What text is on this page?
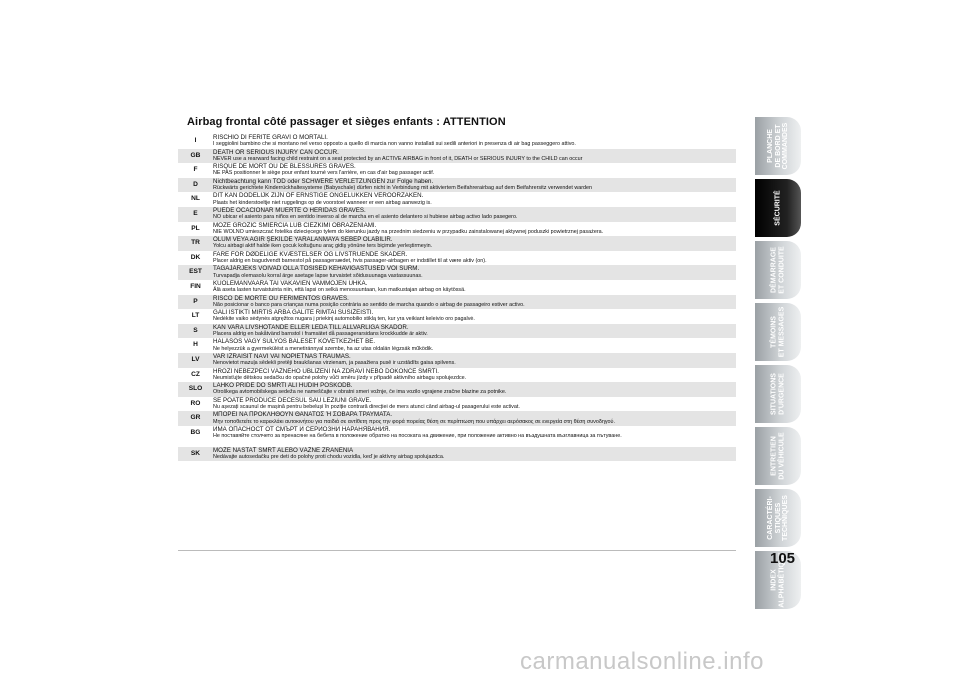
Airbag frontal côté passager et sièges enfants : ATTENTION
I	RISCHIO DI FERITE GRAVI O MORTALI.
I seggiolini bambino che si montano nel verso opposto a quello di marcia non vanno installati sui sedili anteriori in presenza di air bag passeggero attivo.

GB	DEATH OR SERIOUS INJURY CAN OCCUR.
NEVER use a rearward facing child restraint on a seat protected by an ACTIVE AIRBAG in front of it, DEATH or SERIOUS INJURY to the CHILD can occur

F	RISQUE DE MORT OU DE BLESSURES GRAVES.
NE PAS positionner le siège pour enfant tourné vers l'arrière, en cas d'air bag passager actif.

D	Nichtbeachtung kann TOD oder SCHWERE VERLETZUNGEN zur Folge haben.
Rückwärts gerichtete Kinderrückhaltesysteme (Babyschale) dürfen nicht in Verbindung mit aktiviertem Beifahrerairbag auf dem Beifahrersitz verwendet warden

NL	DIT KAN DODELIJK ZIJN OF ERNSTIGE ONGELUKKEN VEROORZAKEN.
Plaats het kinderstoeltje niet ruggelings op de voorstoel wanneer er een airbag aanwezig is.

E	PUEDE OCACIONAR MUERTE O HERIDAS GRAVES.
NO ubicar el asiento para niños en sentido inverso al de marcha en el asiento delantero si hubiese airbag activo lado pasegero.

PL	MOŻE GROZIĆ ŚMIERCIA LUB CIEŻKIMI OBRAŻENIAMI.
NIE WOLNO umieszczać fotelika dziecięcego tyłem do kierunku jazdy na przednim siedzeniu w przypadku zainstalowanej aktywnej poduszki powietrznej pasażera.

TR	ÖLÜM VEYA AĞIR ŞEKİLDE YARALANMAYA SEBEP OLABİLİR.
Yolcu airbagi aktif halde iken çocuk koltuğunu araç gidiş yönüne ters biçimde yerleştirmeyin.

DK	FARE FOR DØDELIGE KVÆSTELSER OG LIVSTRUENDE SKADER.
Placer aldrig en bagudvendt barnestol på passagersædet, hvis passager-airbagen er indstillet til at være aktiv (on).

EST	TAGAJÄRJEKS VÕIVAD OLLA TÕSISED KEHAVIGASTUSED VÕI SURM.
Turvapadja olemasolu korral ärge asetage lapse turvaistet sõidusuunaga vastassuunas.

FIN	KUOLEMANVAARA TAI VAKAVIEN VAMMOJEN UHKA.
Älä aseta lasten turvaistuinta niin, että lapsi on selkä menosuuntaan, kun matkustajan airbag on käytössä.

P	RISCO DE MORTE OU FERIMENTOS GRAVES.
Não posicionar o banco para crianças numa posição contrária ao sentido de marcha quando o airbag de passageiro estiver activo.

LT	GALI IŠTIKTI MIRTIS ARBA GALITE RIMTAI SUSIŽEISTI.
Nedėkite vaiko sėdynės atgręžtos nugara į priekinį automobilio stiklą ten, kur yra veikiant keleivio oro pagalvė.

S	KAN VARA LIVSHOTANDE ELLER LEDA TILL ALLVARLIGA SKADOR.
Placera aldrig en bakåtvänd barnstol i framsätet då passagerarsidans krockkudde är aktiv.

H	HALÁSOS VAGY SÚLYOS BALESET KÖVETKEZHET BE.
Ne helyezzük a gyermekülést a menetiránnyal szembe, ha az utas oldalán légzsák működik.

LV	VAR IZRAISĪT NĀVI VAI NOPIETNAS TRAUMAS.
Nenovietot mazuļa sēdekli pretēji braukšanas virzienam, ja pasažiera pusē ir uzstādīts gaisa spilvens.

CZ	HROZÍ NEBEZPEČÍ VÁŽNÉHO UBLÍŽENÍ NA ZDRAVÍ NEBO DOKONCE SMRTI.
Neumisťujte dětskou sedačku do opačné polohy vůči směru jízdy v případě aktivního airbagu spolujezdce.

SLO	LAHKO PRIDE DO SMRTI ALI HUDIH POŠKODB.
Otroškega avtomobilskega sedeža ne nameščajte v obratni smeri vožnje, če ima vozilo vgrajene zračne blazine za potnike.

RO	SE POATE PRODUCE DECESUL SAU LEZIUNI GRAVE.
Nu așezați scaunul de mașină pentru bebeluși în poziție contrară direcției de mers atunci când airbag-ul pasagerului este activat.

GR	ΜΠΟΡΕΙ ΝΑ ΠΡΟΚΛΗΘΟΥΝ ΘΑΝΑΤΟΣ Ή ΣΟΒΑΡΑ ΤΡΑΥΜΑΤΑ.
Μην τοποθετείτε το καρεκλάκι αυτοκινήτου για παιδιά σε αντίθετη προς την φορά πορείας θέση σε περίπτωση που υπάρχει αερόσακος σε ενεργεία στη θέση συνοδηγού.

BG	ИМА ОПАСНОСТ ОТ СМЪРТ И СЕРИОЗНИ НАРАНЯВАНИЯ.
Не поставяйте столчето за пренасяне на бебета в положение обратно на посоката на движение, при положение активно на въздушната възглавница за пътуване.

SK	MÔŽE NASTAŤ SMRŤ ALEBO VÁŽNE ZRANENIA
Nedávajte autosedačku pre deti do polohy proti chodu vozidla, keď je aktívny airbag spolujazdca.
PLANCHE
DE BORD ET
COMMANDES
SÉCURITÉ
DÉMARRAGE
ET CONDUITE
TÉMOINS
ET MESSAGES
SITUATIONS
D'URGENCE
ENTRETIEN
DU VÉHICULE
CARACTÉRI-
STIQUES
TECHNIQUES
INDEX
ALPHABÉTIQUE
105
carmanualsonline.info
